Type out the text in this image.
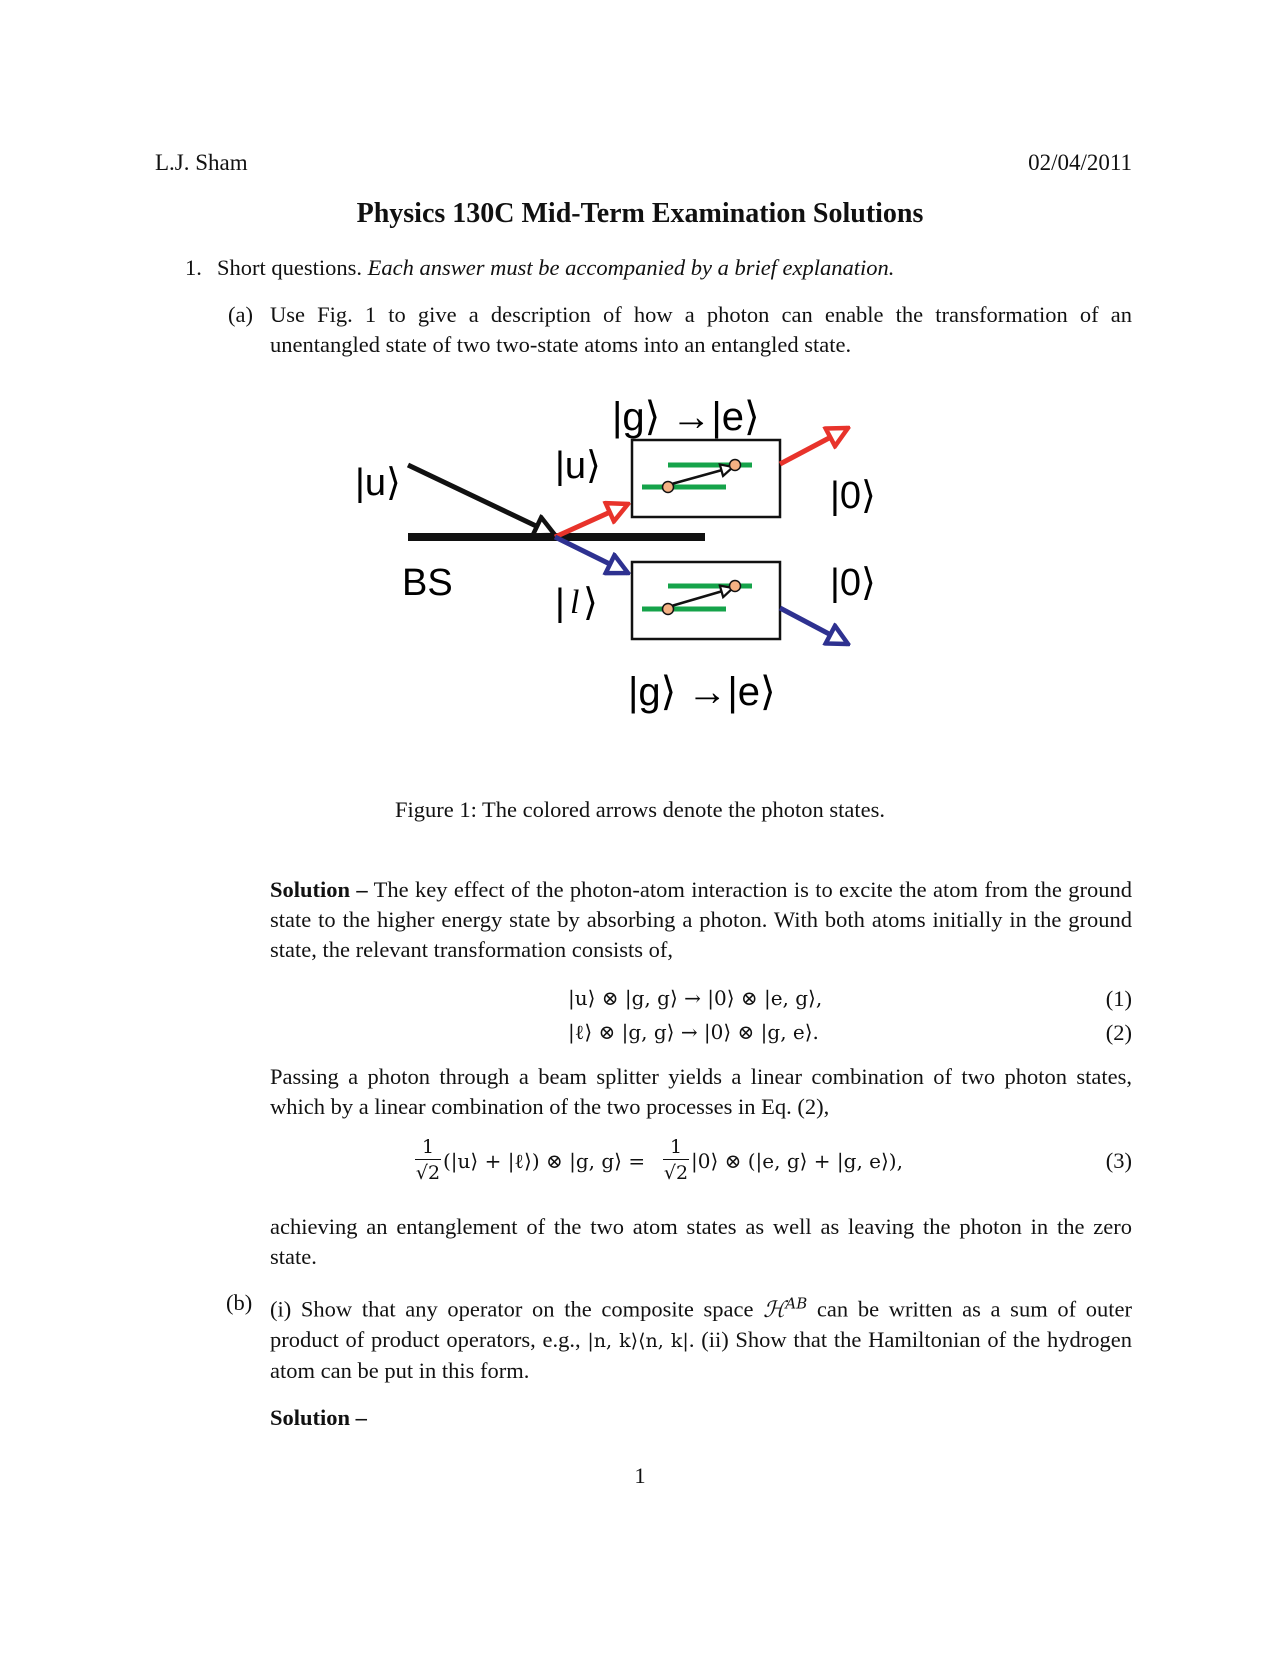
L.J. Sham	02/04/2011
Physics 130C Mid-Term Examination Solutions
1. Short questions. Each answer must be accompanied by a brief explanation.
(a) Use Fig. 1 to give a description of how a photon can enable the transformation of an unentangled state of two two-state atoms into an entangled state.
|g⟩ →|e⟩
|u⟩	|u⟩
|0⟩
BS	| l ⟩	|0⟩
|g⟩ →|e⟩
Figure 1: The colored arrows denote the photon states.
Solution – The key effect of the photon-atom interaction is to excite the atom from the ground state to the higher energy state by absorbing a photon. With both atoms initially in the ground state, the relevant transformation consists of,
|u⟩ ⊗ |g, g⟩ → |0⟩ ⊗ |e, g⟩,	(1)
|ℓ⟩ ⊗ |g, g⟩ → |0⟩ ⊗ |g, e⟩.	(2)
Passing a photon through a beam splitter yields a linear combination of two photon states, which by a linear combination of the two processes in Eq. (2),
$\frac{1}{√2}$ (|u⟩ + |ℓ⟩) ⊗ |g, g⟩ = $\frac{1}{√2}$ |0⟩ ⊗ (|e, g⟩ + |g, e⟩),	(3)
achieving an entanglement of the two atom states as well as leaving the photon in the zero state.
(b) (i) Show that any operator on the composite space ℋ$^{AB}$ can be written as a sum of outer product of product operators, e.g., |n, k⟩⟨n, k|. (ii) Show that the Hamiltonian of the hydrogen atom can be put in this form.
Solution –
1
